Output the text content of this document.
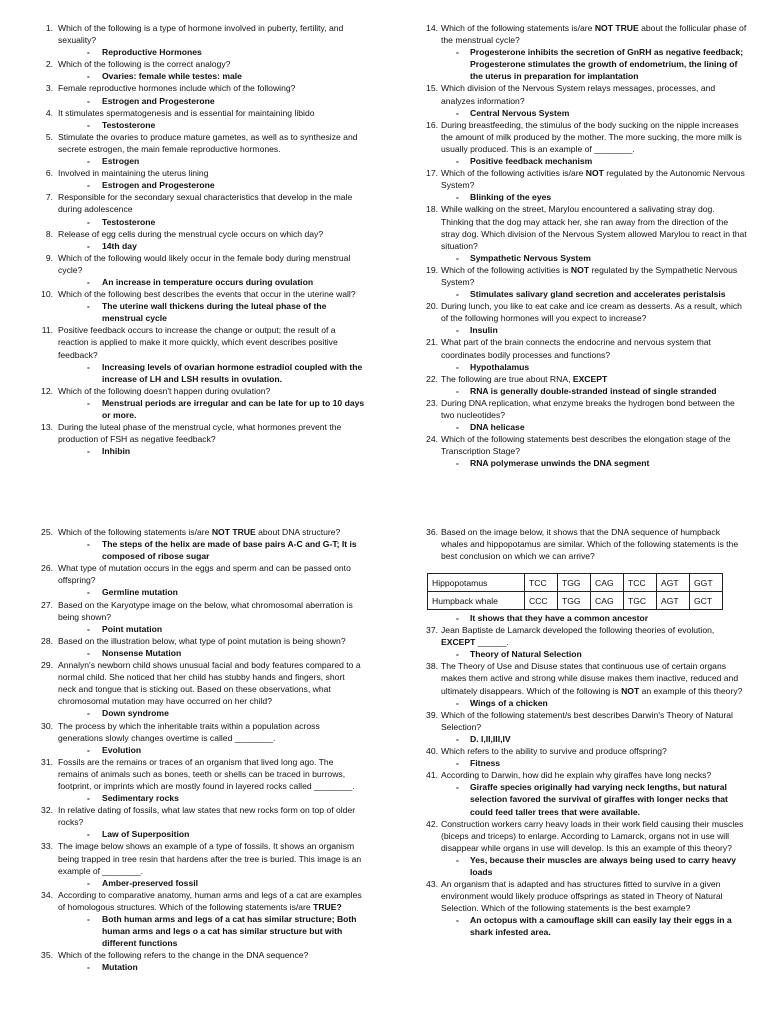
1. Which of the following is a type of hormone involved in puberty, fertility, and sexuality?
- Reproductive Hormones
2. Which of the following is the correct analogy?
- Ovaries: female while testes: male
3. Female reproductive hormones include which of the following?
- Estrogen and Progesterone
4. It stimulates spermatogenesis and is essential for maintaining libido
- Testosterone
5. Stimulate the ovaries to produce mature gametes, as well as to synthesize and secrete estrogen, the main female reproductive hormones.
- Estrogen
6. Involved in maintaining the uterus lining
- Estrogen and Progesterone
7. Responsible for the secondary sexual characteristics that develop in the male during adolescence
- Testosterone
8. Release of egg cells during the menstrual cycle occurs on which day?
- 14th day
9. Which of the following would likely occur in the female body during menstrual cycle?
- An increase in temperature occurs during ovulation
10. Which of the following best describes the events that occur in the uterine wall?
- The uterine wall thickens during the luteal phase of the menstrual cycle
11. Positive feedback occurs to increase the change or output; the result of a reaction is applied to make it more quickly, which event describes positive feedback?
- Increasing levels of ovarian hormone estradiol coupled with the increase of LH and LSH results in ovulation.
12. Which of the following doesn't happen during ovulation?
- Menstrual periods are irregular and can be late for up to 10 days or more.
13. During the luteal phase of the menstrual cycle, what hormones prevent the production of FSH as negative feedback?
- Inhibin
14. Which of the following statements is/are NOT TRUE about the follicular phase of the menstrual cycle?
- Progesterone inhibits the secretion of GnRH as negative feedback; Progesterone stimulates the growth of endometrium, the lining of the uterus in preparation for implantation
15. Which division of the Nervous System relays messages, processes, and analyzes information?
- Central Nervous System
16. During breastfeeding, the stimulus of the body sucking on the nipple increases the amount of milk produced by the mother. The more sucking, the more milk is usually produced. This is an example of ________.
- Positive feedback mechanism
17. Which of the following activities is/are NOT regulated by the Autonomic Nervous System?
- Blinking of the eyes
18. While walking on the street, Marylou encountered a salivating stray dog. Thinking that the dog may attack her, she ran away from the direction of the stray dog. Which division of the Nervous System allowed Marylou to react in that situation?
- Sympathetic Nervous System
19. Which of the following activities is NOT regulated by the Sympathetic Nervous System?
- Stimulates salivary gland secretion and accelerates peristalsis
20. During lunch, you like to eat cake and ice cream as desserts. As a result, which of the following hormones will you expect to increase?
- Insulin
21. What part of the brain connects the endocrine and nervous system that coordinates bodily processes and functions?
- Hypothalamus
22. The following are true about RNA, EXCEPT
- RNA is generally double-stranded instead of single stranded
23. During DNA replication, what enzyme breaks the hydrogen bond between the two nucleotides?
- DNA helicase
24. Which of the following statements best describes the elongation stage of the Transcription Stage?
- RNA polymerase unwinds the DNA segment
25. Which of the following statements is/are NOT TRUE about DNA structure?
- The steps of the helix are made of base pairs A-C and G-T; It is composed of ribose sugar
26. What type of mutation occurs in the eggs and sperm and can be passed onto offspring?
- Germline mutation
27. Based on the Karyotype image on the below, what chromosomal aberration is being shown?
- Point mutation
28. Based on the illustration below, what type of point mutation is being shown?
- Nonsense Mutation
29. Annalyn's newborn child shows unusual facial and body features compared to a normal child. She noticed that her child has stubby hands and fingers, short neck and tongue that is sticking out. Based on these observations, what chromosomal mutation may have occurred on her child?
- Down syndrome
30. The process by which the inheritable traits within a population across generations slowly changes overtime is called ________.
- Evolution
31. Fossils are the remains or traces of an organism that lived long ago. The remains of animals such as bones, teeth or shells can be traced in burrows, footprint, or imprints which are mostly found in layered rocks called ________.
- Sedimentary rocks
32. In relative dating of fossils, what law states that new rocks form on top of older rocks?
- Law of Superposition
33. The image below shows an example of a type of fossils. It shows an organism being trapped in tree resin that hardens after the tree is buried. This image is an example of ________.
- Amber-preserved fossil
34. According to comparative anatomy, human arms and legs of a cat are examples of homologous structures. Which of the following statements is/are TRUE?
- Both human arms and legs of a cat has similar structure; Both human arms and legs o a cat has similar structure but with different functions
35. Which of the following refers to the change in the DNA sequence?
- Mutation
36. Based on the image below, it shows that the DNA sequence of humpback whales and hippopotamus are similar. Which of the following statements is the best conclusion on which we can arrive?
Hippopotamus	TCC	TGG	CAG	TCC	AGT	GGT
Humpback whale	CCC	TGG	CAG	TGC	AGT	GCT
- It shows that they have a common ancestor
37. Jean Baptiste de Lamarck developed the following theories of evolution, EXCEPT ______.
- Theory of Natural Selection
38. The Theory of Use and Disuse states that continuous use of certain organs makes them active and strong while disuse makes them inactive, reduced and ultimately disappears. Which of the following is NOT an example of this theory?
- Wings of a chicken
39. Which of the following statement/s best describes Darwin's Theory of Natural Selection?
- D. I,II,III,IV
40. Which refers to the ability to survive and produce offspring?
- Fitness
41. According to Darwin, how did he explain why giraffes have long necks?
- Giraffe species originally had varying neck lengths, but natural selection favored the survival of giraffes with longer necks that could feed taller trees that were available.
42. Construction workers carry heavy loads in their work field causing their muscles (biceps and triceps) to enlarge. According to Lamarck, organs not in use will disappear while organs in use will develop. Is this an example of this theory?
- Yes, because their muscles are always being used to carry heavy loads
43. An organism that is adapted and has structures fitted to survive in a given environment would likely produce offsprings as stated in Theory of Natural Selection. Which of the following statements is the best example?
- An octopus with a camouflage skill can easily lay their eggs in a shark infested area.
